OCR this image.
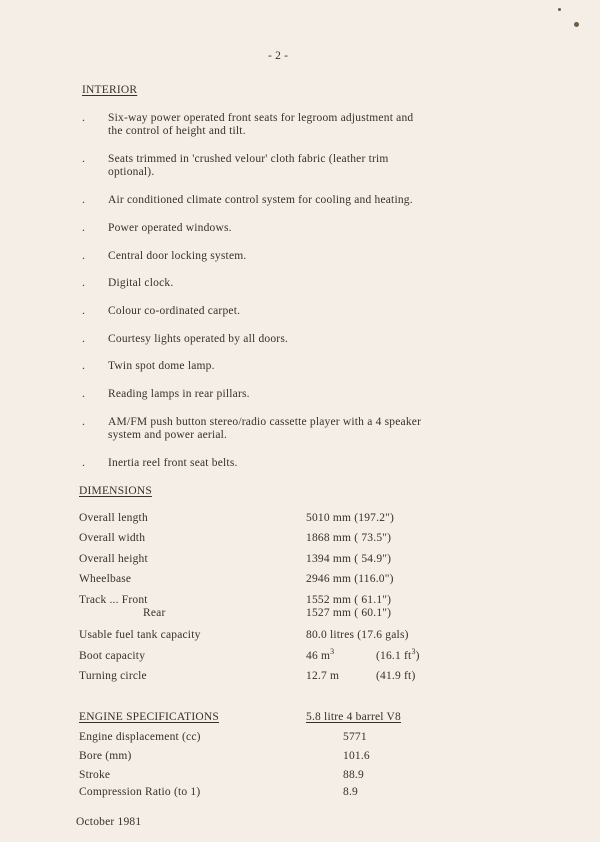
- 2 -
INTERIOR
. Six-way power operated front seats for legroom adjustment and
the control of height and tilt.
. Seats trimmed in 'crushed velour' cloth fabric (leather trim
optional).
. Air conditioned climate control system for cooling and heating.
. Power operated windows.
. Central door locking system.
. Digital clock.
. Colour co-ordinated carpet.
. Courtesy lights operated by all doors.
. Twin spot dome lamp.
. Reading lamps in rear pillars.
. AM/FM push button stereo/radio cassette player with a 4 speaker
system and power aerial.
. Inertia reel front seat belts.
DIMENSIONS
Overall length	5010 mm (197.2")
Overall width	1868 mm ( 73.5")
Overall height	1394 mm ( 54.9")
Wheelbase	2946 mm (116.0")
Track ... Front	1552 mm ( 61.1")
Rear	1527 mm ( 60.1")
Usable fuel tank capacity	80.0 litres (17.6 gals)
Boot capacity	46 $m^3$	(16.1 $ft^3$)
Turning circle	12.7 m	(41.9 ft)
ENGINE SPECIFICATIONS	5.8 litre 4 barrel V8
Engine displacement (cc)	5771
Bore (mm)	101.6
Stroke	88.9
Compression Ratio (to 1)	8.9
October 1981
